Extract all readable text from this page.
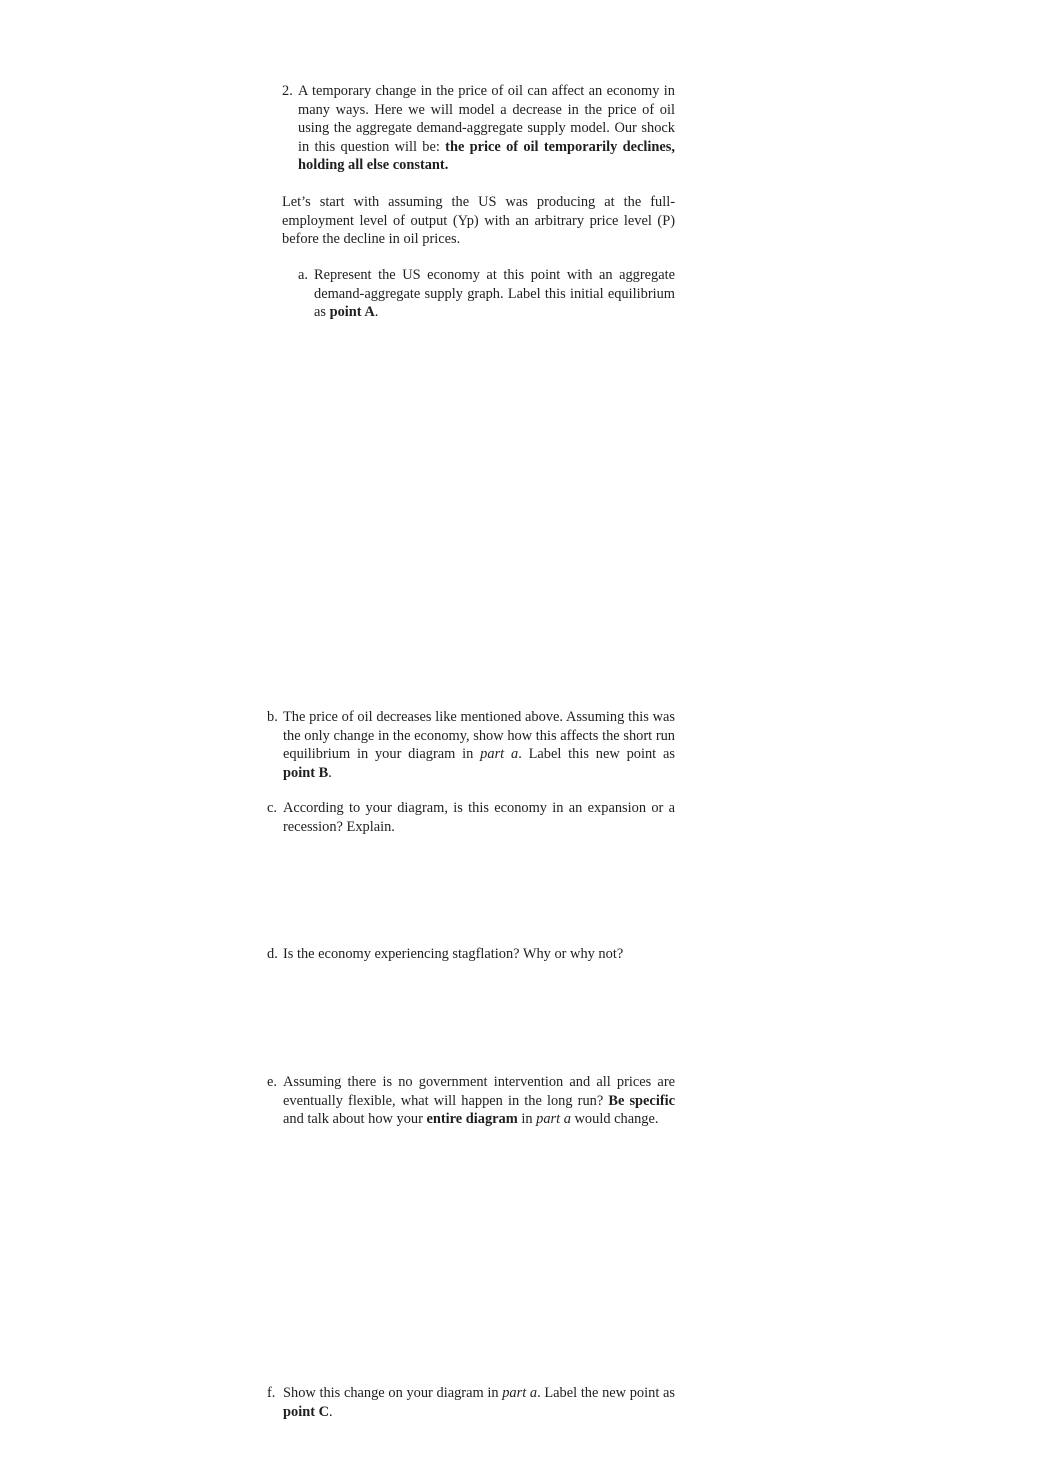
2. A temporary change in the price of oil can affect an economy in many ways. Here we will model a decrease in the price of oil using the aggregate demand-aggregate supply model. Our shock in this question will be: the price of oil temporarily declines, holding all else constant.

Let’s start with assuming the US was producing at the full-employment level of output (Yp) with an arbitrary price level (P) before the decline in oil prices.

a. Represent the US economy at this point with an aggregate demand-aggregate supply graph. Label this initial equilibrium as point A.

b. The price of oil decreases like mentioned above. Assuming this was the only change in the economy, show how this affects the short run equilibrium in your diagram in part a. Label this new point as point B.

c. According to your diagram, is this economy in an expansion or a recession? Explain.

d. Is the economy experiencing stagflation? Why or why not?

e. Assuming there is no government intervention and all prices are eventually flexible, what will happen in the long run? Be specific and talk about how your entire diagram in part a would change.

f. Show this change on your diagram in part a. Label the new point as point C.
